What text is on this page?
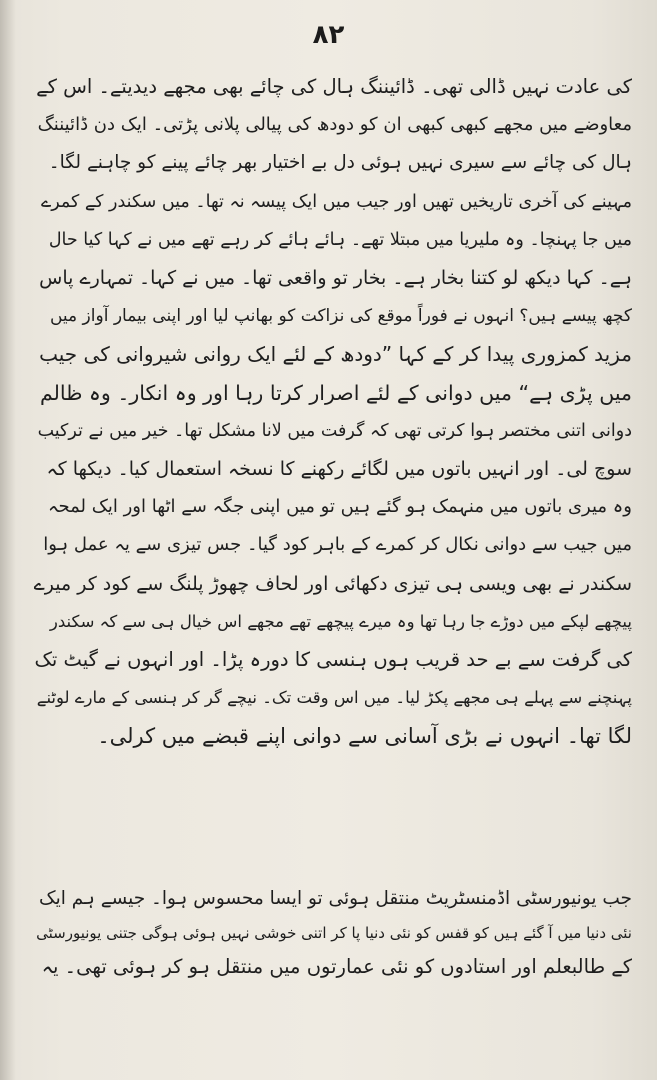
۸۲
کی عادت نہیں ڈالی تھی۔ ڈائیننگ ہال کی چائے بھی مجھے دیدیتے۔ اس کے
معاوضے میں مجھے کبھی کبھی ان کو دودھ کی پیالی پلانی پڑتی۔ ایک دن ڈائیننگ
ہال کی چائے سے سیری نہیں ہوئی دل بے اختیار بھر چائے پینے کو چاہنے لگا۔
مہینے کی آخری تاریخیں تھیں اور جیب میں ایک پیسہ نہ تھا۔ میں سکندر کے کمرے
میں جا پہنچا۔ وہ ملیریا میں مبتلا تھے۔ ہائے ہائے کر رہے تھے میں نے کہا کیا حال
ہے۔ کہا دیکھ لو کتنا بخار ہے۔ بخار تو واقعی تھا۔ میں نے کہا۔ تمہارے پاس
کچھ پیسے ہیں؟ انہوں نے فوراً موقع کی نزاکت کو بھانپ لیا اور اپنی بیمار آواز میں
مزید کمزوری پیدا کر کے کہا ”دودھ کے لئے ایک روانی شیروانی کی جیب
میں پڑی ہے“ میں دوانی کے لئے اصرار کرتا رہا اور وہ انکار۔ وہ ظالم
دوانی اتنی مختصر ہوا کرتی تھی کہ گرفت میں لانا مشکل تھا۔ خیر میں نے ترکیب
سوچ لی۔ اور انہیں باتوں میں لگائے رکھنے کا نسخہ استعمال کیا۔ دیکھا کہ
وہ میری باتوں میں منہمک ہو گئے ہیں تو میں اپنی جگہ سے اٹھا اور ایک لمحہ
میں جیب سے دوانی نکال کر کمرے کے باہر کود گیا۔ جس تیزی سے یہ عمل ہوا
سکندر نے بھی ویسی ہی تیزی دکھائی اور لحاف چھوڑ پلنگ سے کود کر میرے
پیچھے لپکے میں دوڑے جا رہا تھا وہ میرے پیچھے تھے مجھے اس خیال ہی سے کہ سکندر
کی گرفت سے بے حد قریب ہوں ہنسی کا دورہ پڑا۔ اور انہوں نے گیٹ تک
پہنچنے سے پہلے ہی مجھے پکڑ لیا۔ میں اس وقت تک۔ نیچے گر کر ہنسی کے مارے لوٹنے
لگا تھا۔ انہوں نے بڑی آسانی سے دوانی اپنے قبضے میں کرلی۔
جب یونیورسٹی اڈمنسٹریٹ منتقل ہوئی تو ایسا محسوس ہوا۔ جیسے ہم ایک
نئی دنیا میں آ گئے ہیں کو قفس کو نئی دنیا پا کر اتنی خوشی نہیں ہوئی ہوگی جتنی یونیورسٹی
کے طالبعلم اور استادوں کو نئی عمارتوں میں منتقل ہو کر ہوئی تھی۔ یہ
